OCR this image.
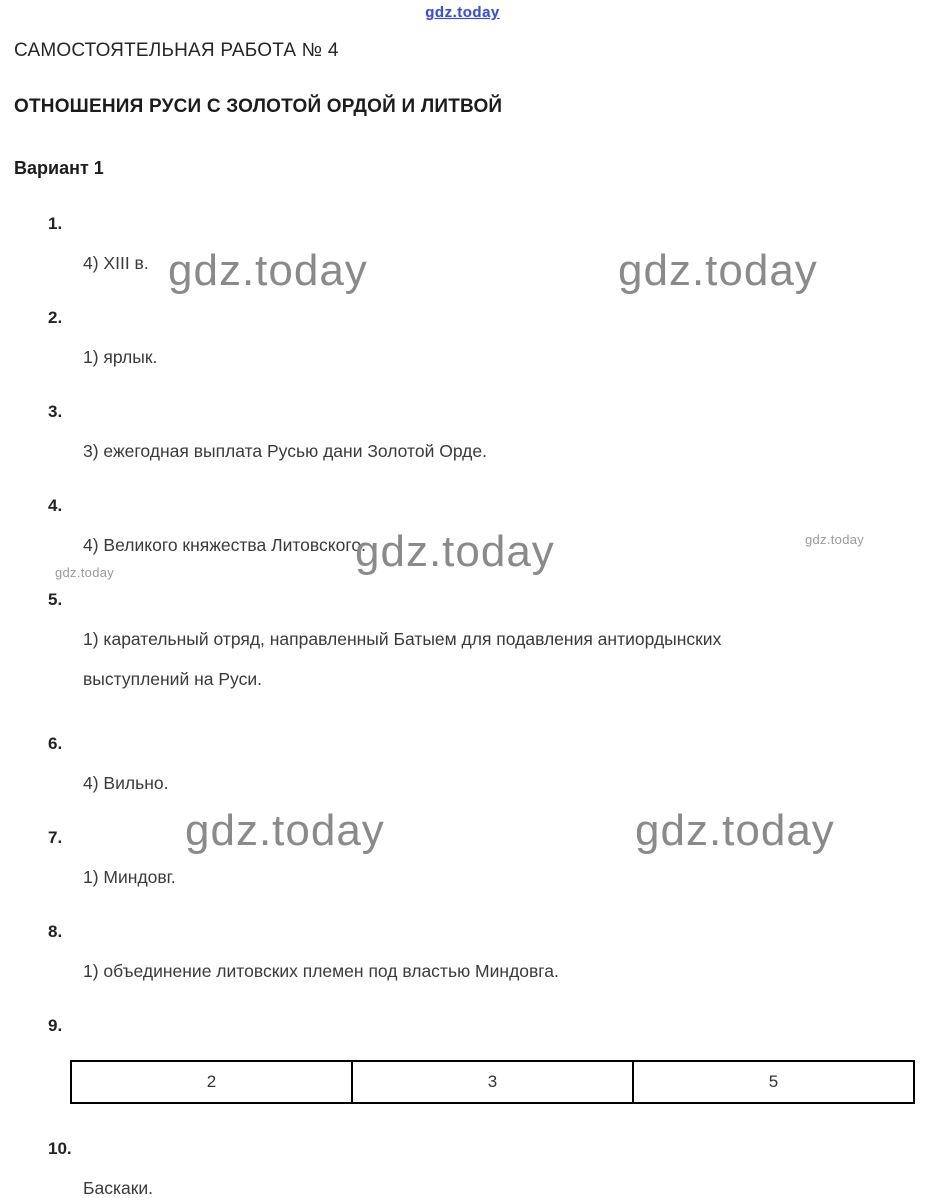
gdz.today
САМОСТОЯТЕЛЬНАЯ РАБОТА № 4
ОТНОШЕНИЯ РУСИ С ЗОЛОТОЙ ОРДОЙ И ЛИТВОЙ
Вариант 1
1.
4) XIII в.
2.
1) ярлык.
3.
3) ежегодная выплата Русью дани Золотой Орде.
4.
4) Великого княжества Литовского.
5.
1) карательный отряд, направленный Батыем для подавления антиордынских выступлений на Руси.
6.
4) Вильно.
7.
1) Миндовг.
8.
1) объединение литовских племен под властью Миндовга.
9.
2	3	5
10.
Баскаки.
gdz.today	gdz.today
gdz.today	gdz.today
gdz.today
gdz.today	gdz.today
